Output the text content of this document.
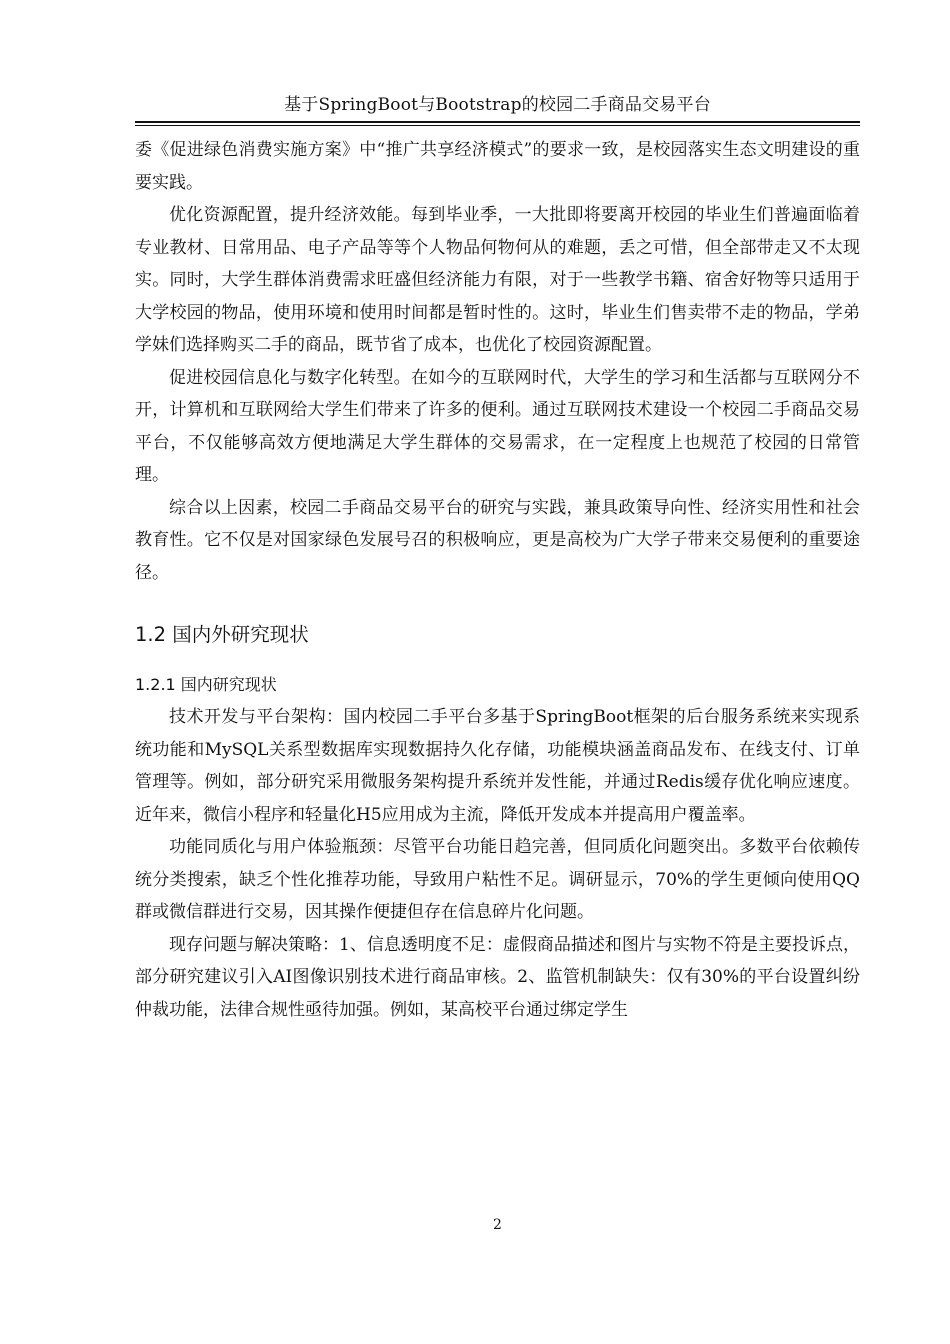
基于SpringBoot与Bootstrap的校园二手商品交易平台

委《促进绿色消费实施方案》中“推广共享经济模式”的要求一致，是校园落实生态文明建设的重要实践。

优化资源配置，提升经济效能。每到毕业季，一大批即将要离开校园的毕业生们普遍面临着专业教材、日常用品、电子产品等等个人物品何物何从的难题，丢之可惜，但全部带走又不太现实。同时，大学生群体消费需求旺盛但经济能力有限，对于一些教学书籍、宿舍好物等只适用于大学校园的物品，使用环境和使用时间都是暂时性的。这时，毕业生们售卖带不走的物品，学弟学妹们选择购买二手的商品，既节省了成本，也优化了校园资源配置。

促进校园信息化与数字化转型。在如今的互联网时代，大学生的学习和生活都与互联网分不开，计算机和互联网给大学生们带来了许多的便利。通过互联网技术建设一个校园二手商品交易平台，不仅能够高效方便地满足大学生群体的交易需求，在一定程度上也规范了校园的日常管理。

综合以上因素，校园二手商品交易平台的研究与实践，兼具政策导向性、经济实用性和社会教育性。它不仅是对国家绿色发展号召的积极响应，更是高校为广大学子带来交易便利的重要途径。

1.2 国内外研究现状
1.2.1 国内研究现状

技术开发与平台架构：国内校园二手平台多基于SpringBoot框架的后台服务系统来实现系统功能和MySQL关系型数据库实现数据持久化存储，功能模块涵盖商品发布、在线支付、订单管理等。例如，部分研究采用微服务架构提升系统并发性能，并通过Redis缓存优化响应速度。近年来，微信小程序和轻量化H5应用成为主流，降低开发成本并提高用户覆盖率。

功能同质化与用户体验瓶颈：尽管平台功能日趋完善，但同质化问题突出。多数平台依赖传统分类搜索，缺乏个性化推荐功能，导致用户粘性不足。调研显示，70%的学生更倾向使用QQ群或微信群进行交易，因其操作便捷但存在信息碎片化问题。

现存问题与解决策略：1、信息透明度不足：虚假商品描述和图片与实物不符是主要投诉点，部分研究建议引入AI图像识别技术进行商品审核。2、监管机制缺失：仅有30%的平台设置纠纷仲裁功能，法律合规性亟待加强。例如，某高校平台通过绑定学生

2
